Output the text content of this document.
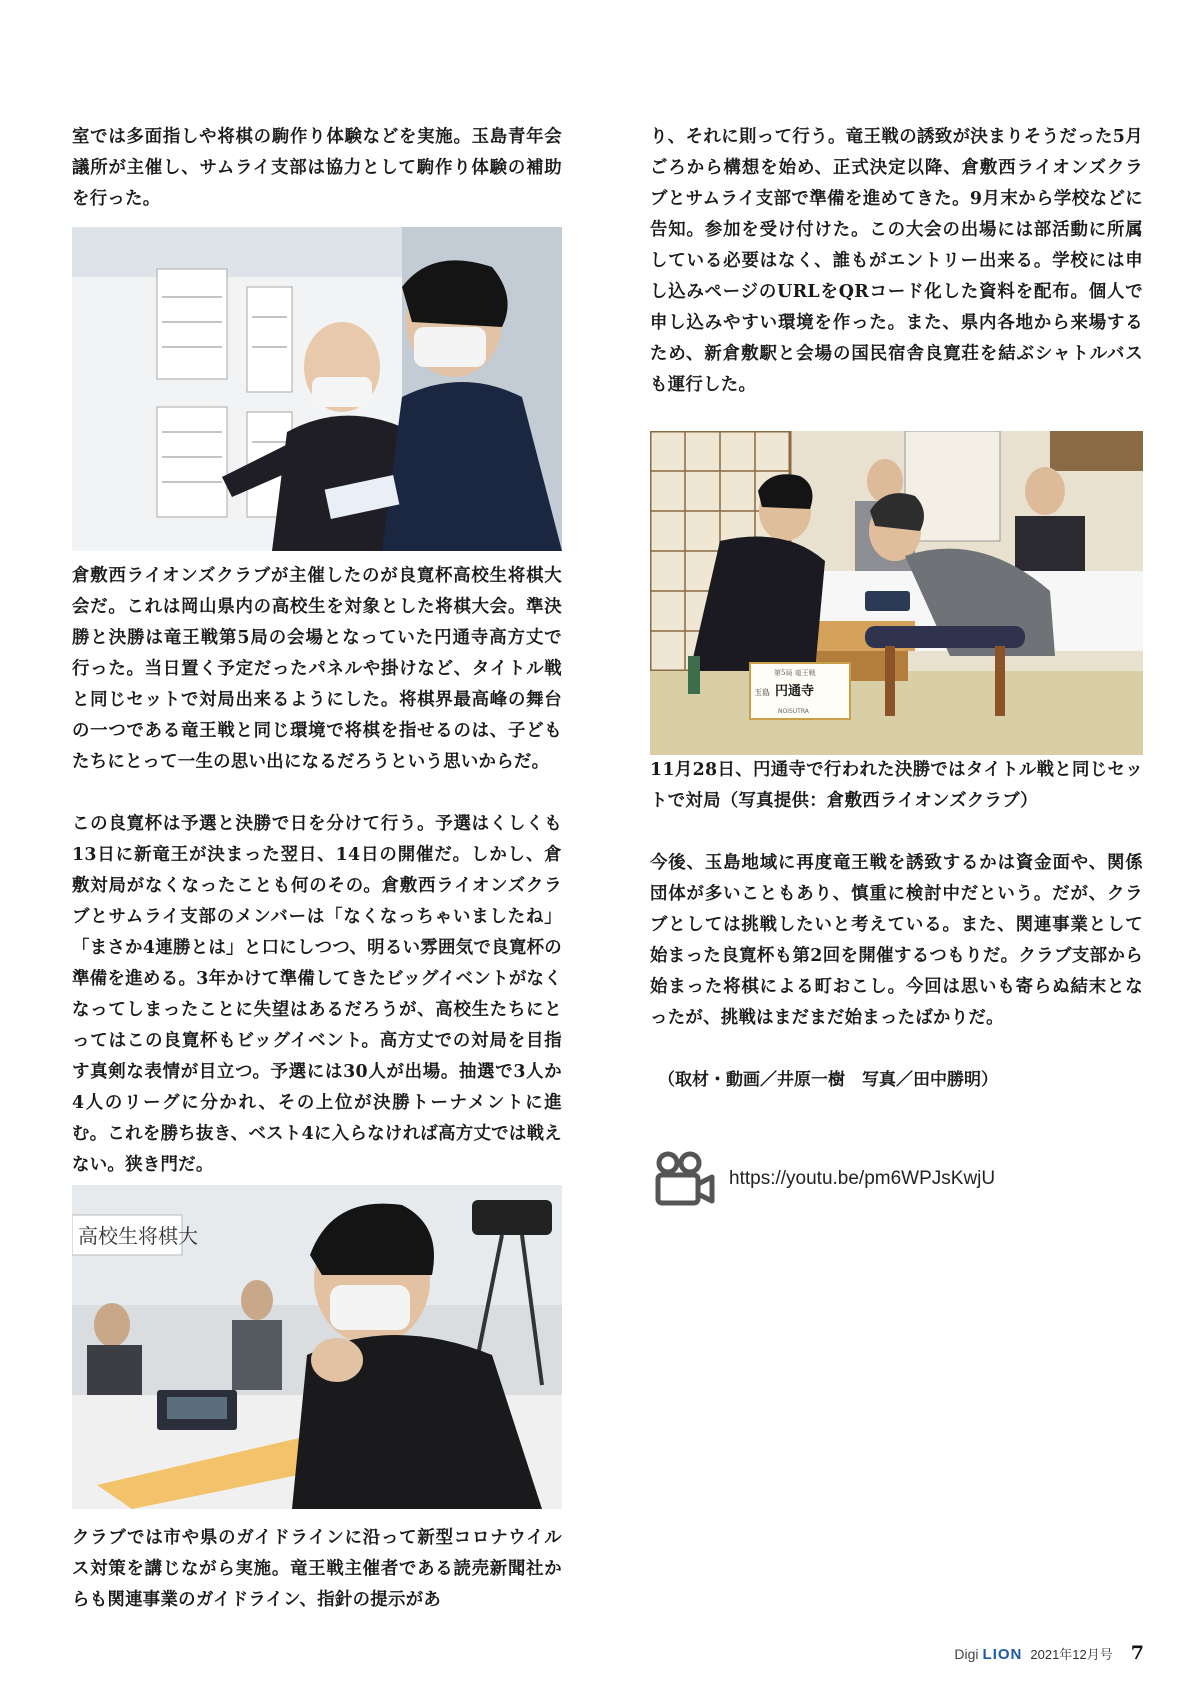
室では多面指しや将棋の駒作り体験などを実施。玉島青年会議所が主催し、サムライ支部は協力として駒作り体験の補助を行った。

倉敷西ライオンズクラブが主催したのが良寛杯高校生将棋大会だ。これは岡山県内の高校生を対象とした将棋大会。準決勝と決勝は竜王戦第5局の会場となっていた円通寺高方丈で行った。当日置く予定だったパネルや掛けなど、タイトル戦と同じセットで対局出来るようにした。将棋界最高峰の舞台の一つである竜王戦と同じ環境で将棋を指せるのは、子どもたちにとって一生の思い出になるだろうという思いからだ。

この良寛杯は予選と決勝で日を分けて行う。予選はくしくも13日に新竜王が決まった翌日、14日の開催だ。しかし、倉敷対局がなくなったことも何のその。倉敷西ライオンズクラブとサムライ支部のメンバーは「なくなっちゃいましたね」「まさか4連勝とは」と口にしつつ、明るい雰囲気で良寛杯の準備を進める。3年かけて準備してきたビッグイベントがなくなってしまったことに失望はあるだろうが、高校生たちにとってはこの良寛杯もビッグイベント。高方丈での対局を目指す真剣な表情が目立つ。予選には30人が出場。抽選で3人か4人のリーグに分かれ、その上位が決勝トーナメントに進む。これを勝ち抜き、ベスト4に入らなければ高方丈では戦えない。狭き門だ。

高校生将棋大

クラブでは市や県のガイドラインに沿って新型コロナウイルス対策を講じながら実施。竜王戦主催者である読売新聞社からも関連事業のガイドライン、指針の提示があ

り、それに則って行う。竜王戦の誘致が決まりそうだった5月ごろから構想を始め、正式決定以降、倉敷西ライオンズクラブとサムライ支部で準備を進めてきた。9月末から学校などに告知。参加を受け付けた。この大会の出場には部活動に所属している必要はなく、誰もがエントリー出来る。学校には申し込みページのURLをQRコード化した資料を配布。個人で申し込みやすい環境を作った。また、県内各地から来場するため、新倉敷駅と会場の国民宿舎良寛荘を結ぶシャトルバスも運行した。

第5局 竜王戦
玉島 円通寺
NOISUTRA

11月28日、円通寺で行われた決勝ではタイトル戦と同じセットで対局（写真提供：倉敷西ライオンズクラブ）

今後、玉島地域に再度竜王戦を誘致するかは資金面や、関係団体が多いこともあり、慎重に検討中だという。だが、クラブとしては挑戦したいと考えている。また、関連事業として始まった良寛杯も第2回を開催するつもりだ。クラブ支部から始まった将棋による町おこし。今回は思いも寄らぬ結末となったが、挑戦はまだまだ始まったばかりだ。

（取材・動画／井原一樹　写真／田中勝明）

https://youtu.be/pm6WPJsKwjU
Digi LION 2021年12月号 7
